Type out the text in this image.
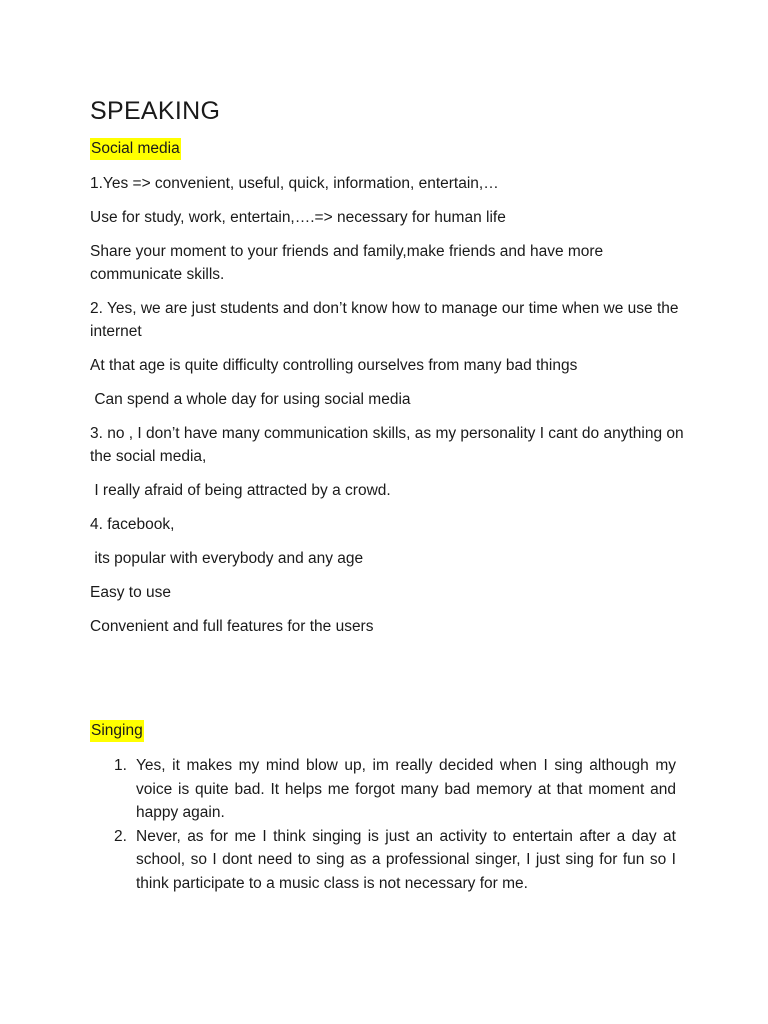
SPEAKING
Social media

1.Yes => convenient, useful, quick, information, entertain,…

Use for study, work, entertain,….=> necessary for human life

Share your moment to your friends and family,make friends and have more communicate skills.

2. Yes, we are just students and don’t know how to manage our time when we use the internet

At that age is quite difficulty controlling ourselves from many bad things

Can spend a whole day for using social media

3. no , I don’t have many communication skills, as my personality I cant do anything on the social media,

I really afraid of being attracted by a crowd.

4. facebook,

its popular with everybody and any age

Easy to use

Convenient and full features for the users

Singing
1. Yes, it makes my mind blow up, im really decided when I sing although my voice is quite bad. It helps me forgot many bad memory at that moment and happy again.
2. Never, as for me I think singing is just an activity to entertain after a day at school, so I dont need to sing as a professional singer, I just sing for fun so I think participate to a music class is not necessary for me.
